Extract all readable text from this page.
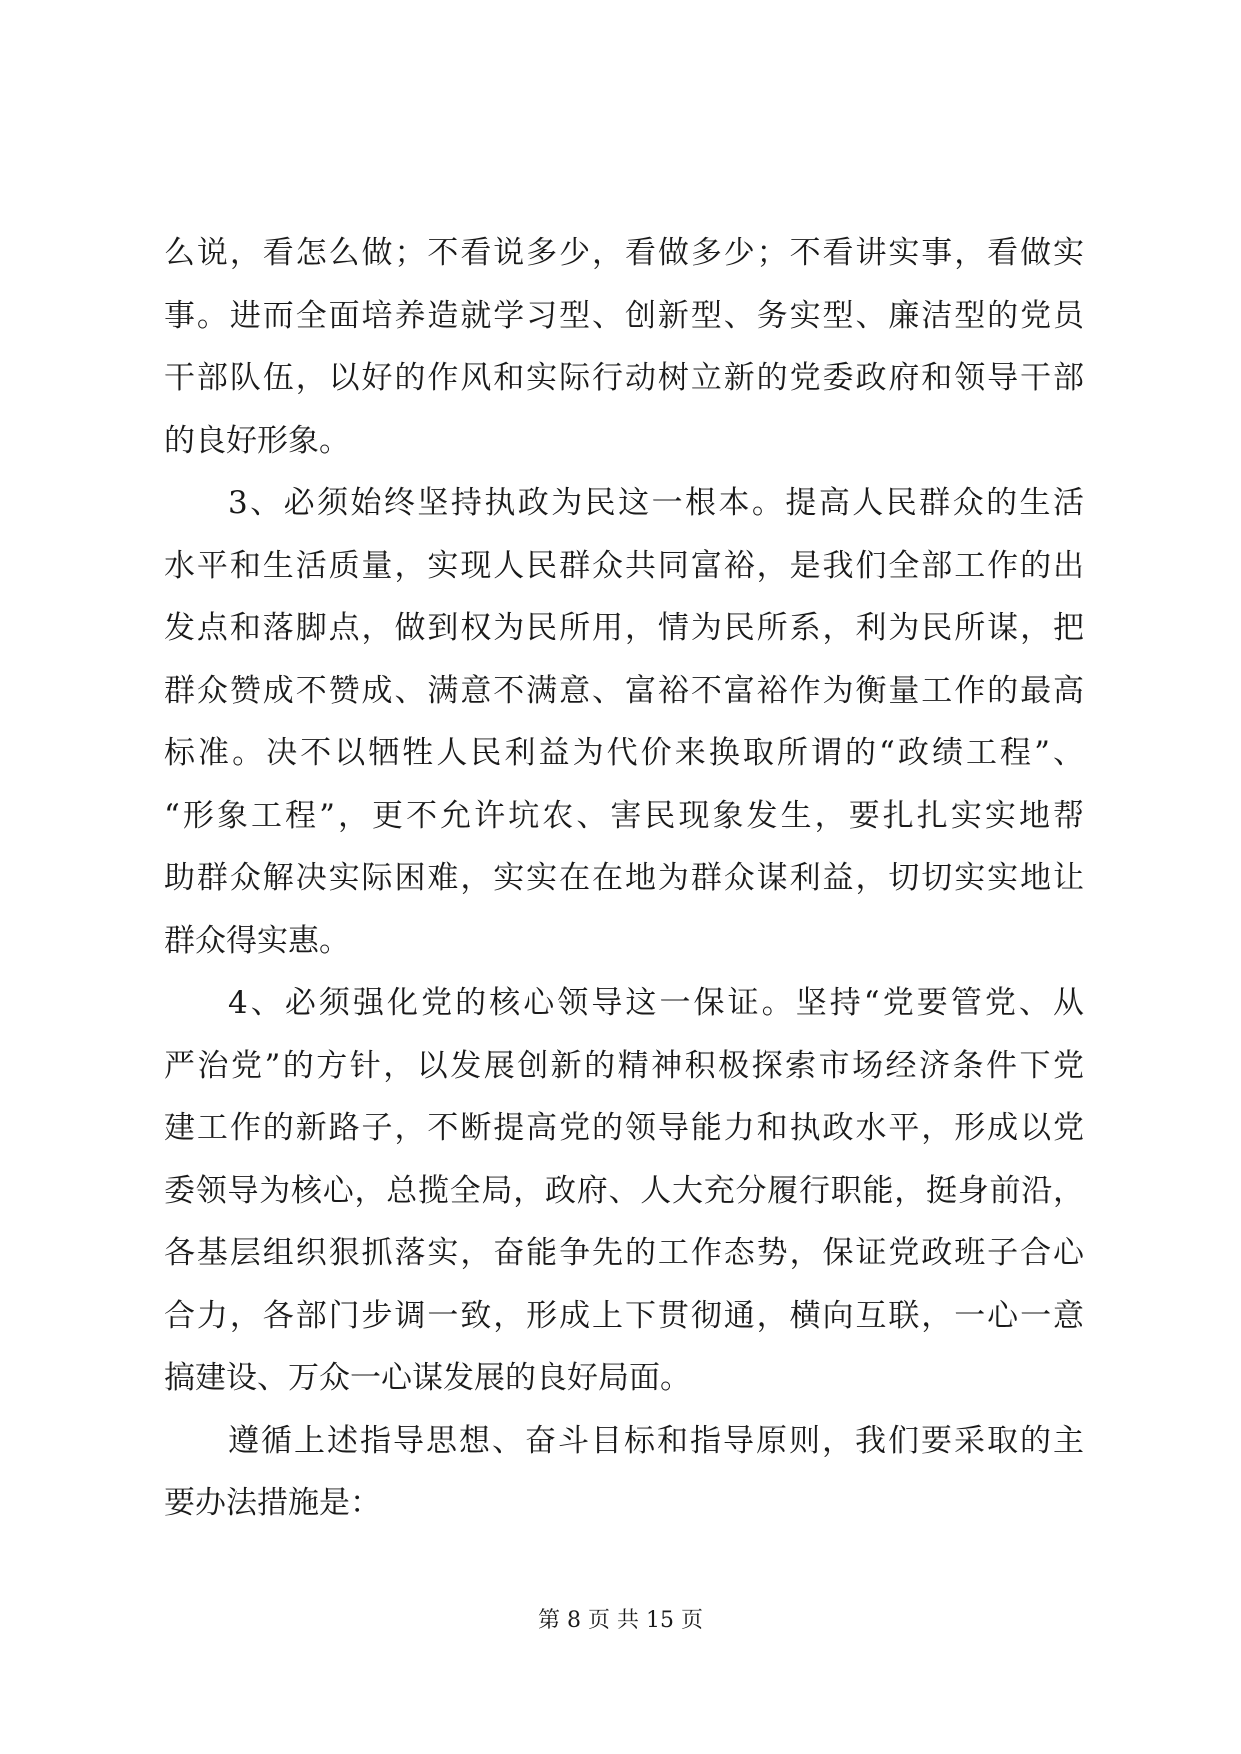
么说，看怎么做；不看说多少，看做多少；不看讲实事，看做实
事。进而全面培养造就学习型、创新型、务实型、廉洁型的党员
干部队伍，以好的作风和实际行动树立新的党委政府和领导干部
的良好形象。
3、必须始终坚持执政为民这一根本。提高人民群众的生活
水平和生活质量，实现人民群众共同富裕，是我们全部工作的出
发点和落脚点，做到权为民所用，情为民所系，利为民所谋，把
群众赞成不赞成、满意不满意、富裕不富裕作为衡量工作的最高
标准。决不以牺牲人民利益为代价来换取所谓的“政绩工程”、
“形象工程”，更不允许坑农、害民现象发生，要扎扎实实地帮
助群众解决实际困难，实实在在地为群众谋利益，切切实实地让
群众得实惠。
4、必须强化党的核心领导这一保证。坚持“党要管党、从
严治党”的方针，以发展创新的精神积极探索市场经济条件下党
建工作的新路子，不断提高党的领导能力和执政水平，形成以党
委领导为核心，总揽全局，政府、人大充分履行职能，挺身前沿，
各基层组织狠抓落实，奋能争先的工作态势，保证党政班子合心
合力，各部门步调一致，形成上下贯彻通，横向互联，一心一意
搞建设、万众一心谋发展的良好局面。
遵循上述指导思想、奋斗目标和指导原则，我们要采取的主
要办法措施是：
第 8 页 共 15 页
